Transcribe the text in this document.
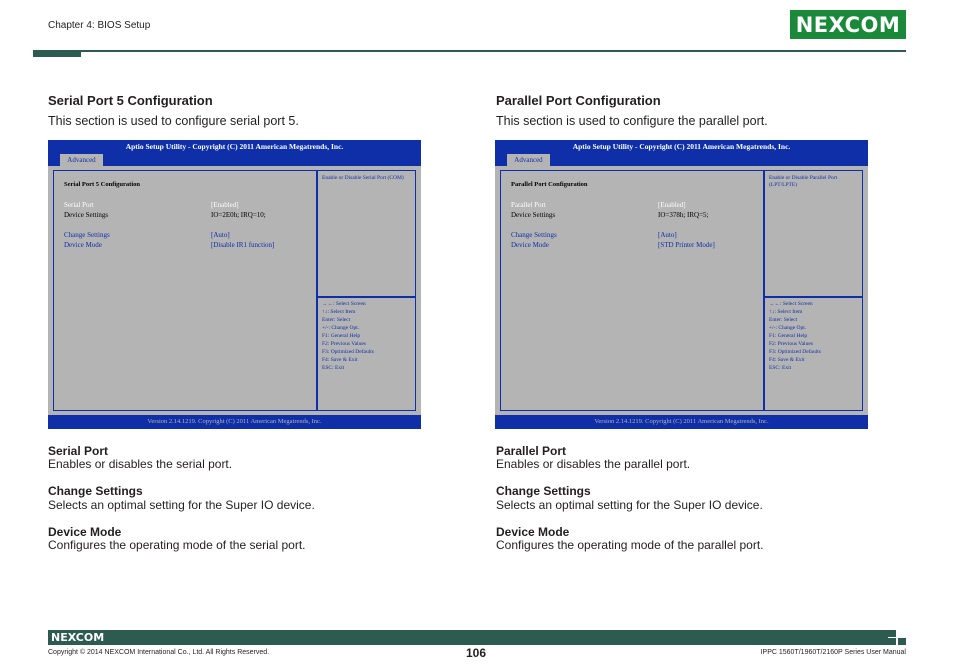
Chapter 4: BIOS Setup	NEXCOM
Serial Port 5 Configuration
This section is used to configure serial port 5.
Aptio Setup Utility - Copyright (C) 2011 American Megatrends, Inc.
Advanced
Serial Port 5 Configuration
Serial Port	[Enabled]
Device Settings	IO=2E0h; IRQ=10;
Change Settings	[Auto]
Device Mode	[Disable IR1 function]
Enable or Disable Serial Port (COM)
→←: Select Screen
↑↓: Select Item
Enter: Select
+/-: Change Opt.
F1: General Help
F2: Previous Values
F3: Optimized Defaults
F4: Save & Exit
ESC: Exit
Version 2.14.1219. Copyright (C) 2011 American Megatrends, Inc.
Serial Port
Enables or disables the serial port.
Change Settings
Selects an optimal setting for the Super IO device.
Device Mode
Configures the operating mode of the serial port.
Parallel Port Configuration
This section is used to configure the parallel port.
Aptio Setup Utility - Copyright (C) 2011 American Megatrends, Inc.
Advanced
Parallel Port Configuration
Parallel Port	[Enabled]
Device Settings	IO=378h; IRQ=5;
Change Settings	[Auto]
Device Mode	[STD Printer Mode]
Enable or Disable Parallel Port (LPT/LPTE)
→←: Select Screen
↑↓: Select Item
Enter: Select
+/-: Change Opt.
F1: General Help
F2: Previous Values
F3: Optimized Defaults
F4: Save & Exit
ESC: Exit
Version 2.14.1219. Copyright (C) 2011 American Megatrends, Inc.
Parallel Port
Enables or disables the parallel port.
Change Settings
Selects an optimal setting for the Super IO device.
Device Mode
Configures the operating mode of the parallel port.
NEXCOM
Copyright © 2014 NEXCOM International Co., Ltd. All Rights Reserved.	106	IPPC 1560T/1960T/2160P Series User Manual
